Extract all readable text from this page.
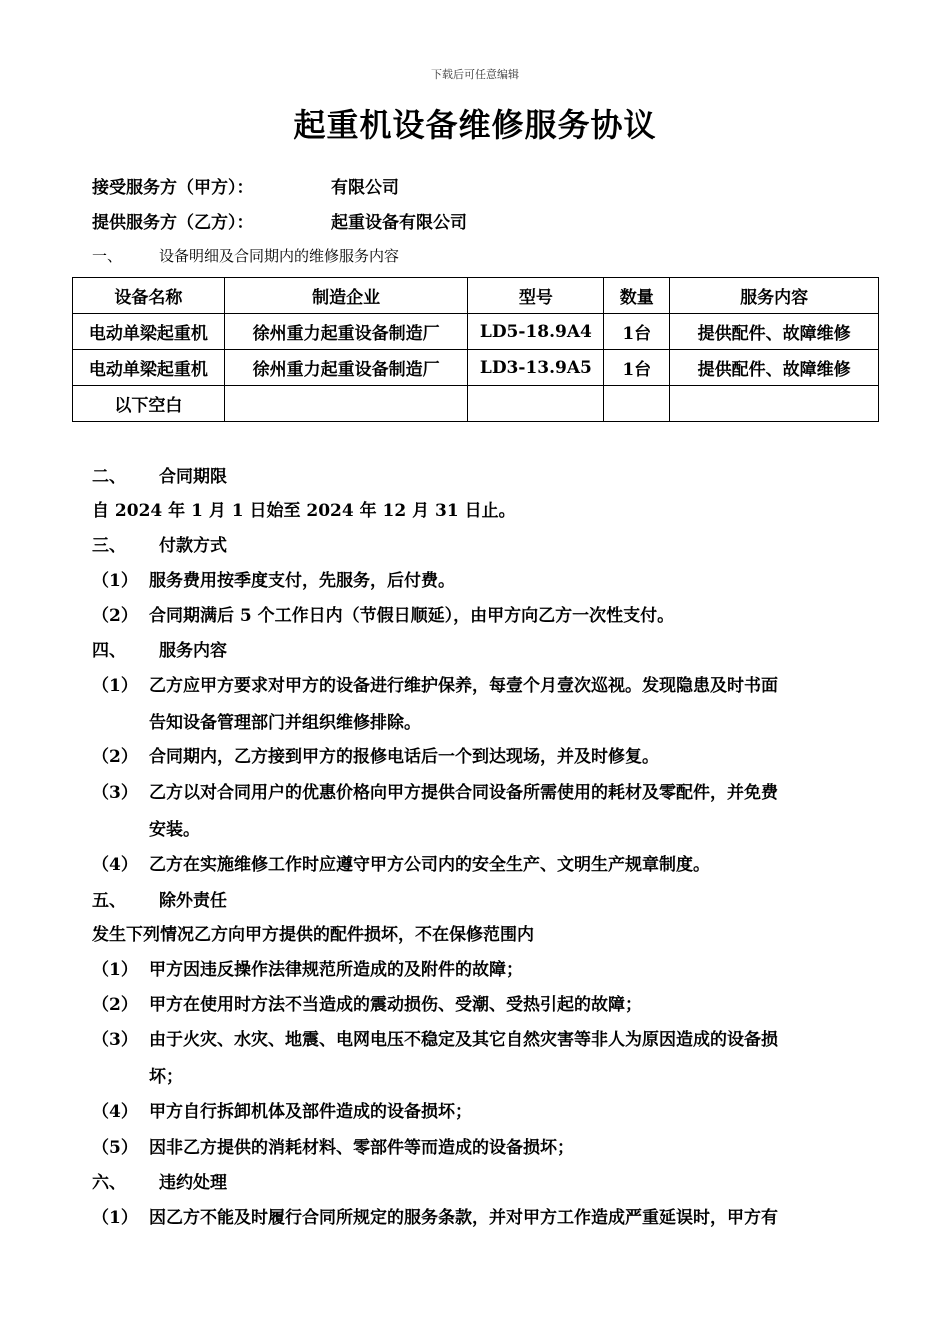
下载后可任意编辑
起重机设备维修服务协议
接受服务方（甲方）：	有限公司
提供服务方（乙方）：	起重设备有限公司
一、 设备明细及合同期内的维修服务内容
设备名称	制造企业	型号	数量	服务内容
电动单梁起重机	徐州重力起重设备制造厂	LD5-18.9A4	1台	提供配件、故障维修
电动单梁起重机	徐州重力起重设备制造厂	LD3-13.9A5	1台	提供配件、故障维修
以下空白				
二、 合同期限
自 2024 年 1 月 1 日始至 2024 年 12 月 31 日止。
三、 付款方式
（1） 服务费用按季度支付，先服务，后付费。
（2） 合同期满后 5 个工作日内（节假日顺延），由甲方向乙方一次性支付。
四、 服务内容
（1） 乙方应甲方要求对甲方的设备进行维护保养，每壹个月壹次巡视。发现隐患及时书面
告知设备管理部门并组织维修排除。
（2） 合同期内，乙方接到甲方的报修电话后一个到达现场，并及时修复。
（3） 乙方以对合同用户的优惠价格向甲方提供合同设备所需使用的耗材及零配件，并免费
安装。
（4） 乙方在实施维修工作时应遵守甲方公司内的安全生产、文明生产规章制度。
五、 除外责任
发生下列情况乙方向甲方提供的配件损坏，不在保修范围内
（1） 甲方因违反操作法律规范所造成的及附件的故障；
（2） 甲方在使用时方法不当造成的震动损伤、受潮、受热引起的故障；
（3） 由于火灾、水灾、地震、电网电压不稳定及其它自然灾害等非人为原因造成的设备损
坏；
（4） 甲方自行拆卸机体及部件造成的设备损坏；
（5） 因非乙方提供的消耗材料、零部件等而造成的设备损坏；
六、 违约处理
（1） 因乙方不能及时履行合同所规定的服务条款，并对甲方工作造成严重延误时，甲方有
